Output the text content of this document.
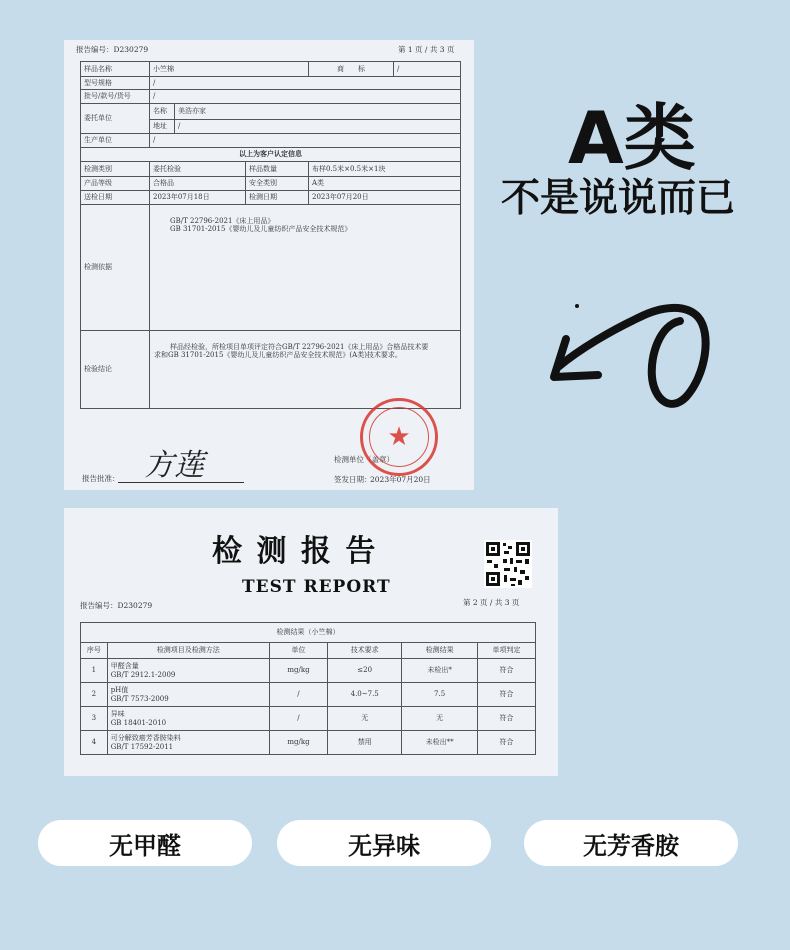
报告编号：D230279	第 1 页 / 共 3 页
样品名称	小竺棉			商　　标	/
型号规格	/				
批号/款号/货号	/				
委托单位	名称	美浩亦家			
	地址	/			
生产单位	/				
以上为客户认定信息					
检测类别	委托检验		样品数量	布样0.5米×0.5米×1块	
产品等级	合格品		安全类别	A类	
送检日期	2023年07月18日		检测日期	2023年07月20日	
检测依据	GB/T 22796-2021《床上用品》
GB 31701-2015《婴幼儿及儿童纺织产品安全技术规范》				

检验结论	样品经检验，所检项目单项评定符合GB/T 22796-2021《床上用品》合格品技术要
求和GB 31701-2015《婴幼儿及儿童纺织产品安全技术规范》(A类)技术要求。				
方莲
报告批准：
检测单位（盖章）
签发日期：
2023年07月20日
★
检 测 报 告
TEST REPORT
报告编号：D230279	第 2 页 / 共 3 页
检测结果（小竺棉）					
序号	检测项目及检测方法	单位	技术要求	检测结果	单项判定
1	甲醛含量
GB/T 2912.1-2009	mg/kg	≤20	未检出*	符合
2	pH值
GB/T 7573-2009	/	4.0~7.5	7.5	符合
3	异味
GB 18401-2010	/	无	无	符合
4	可分解致癌芳香胺染料
GB/T 17592-2011	mg/kg	禁用	未检出**	符合
A类
不是说说而已
无甲醛	无异味	无芳香胺
